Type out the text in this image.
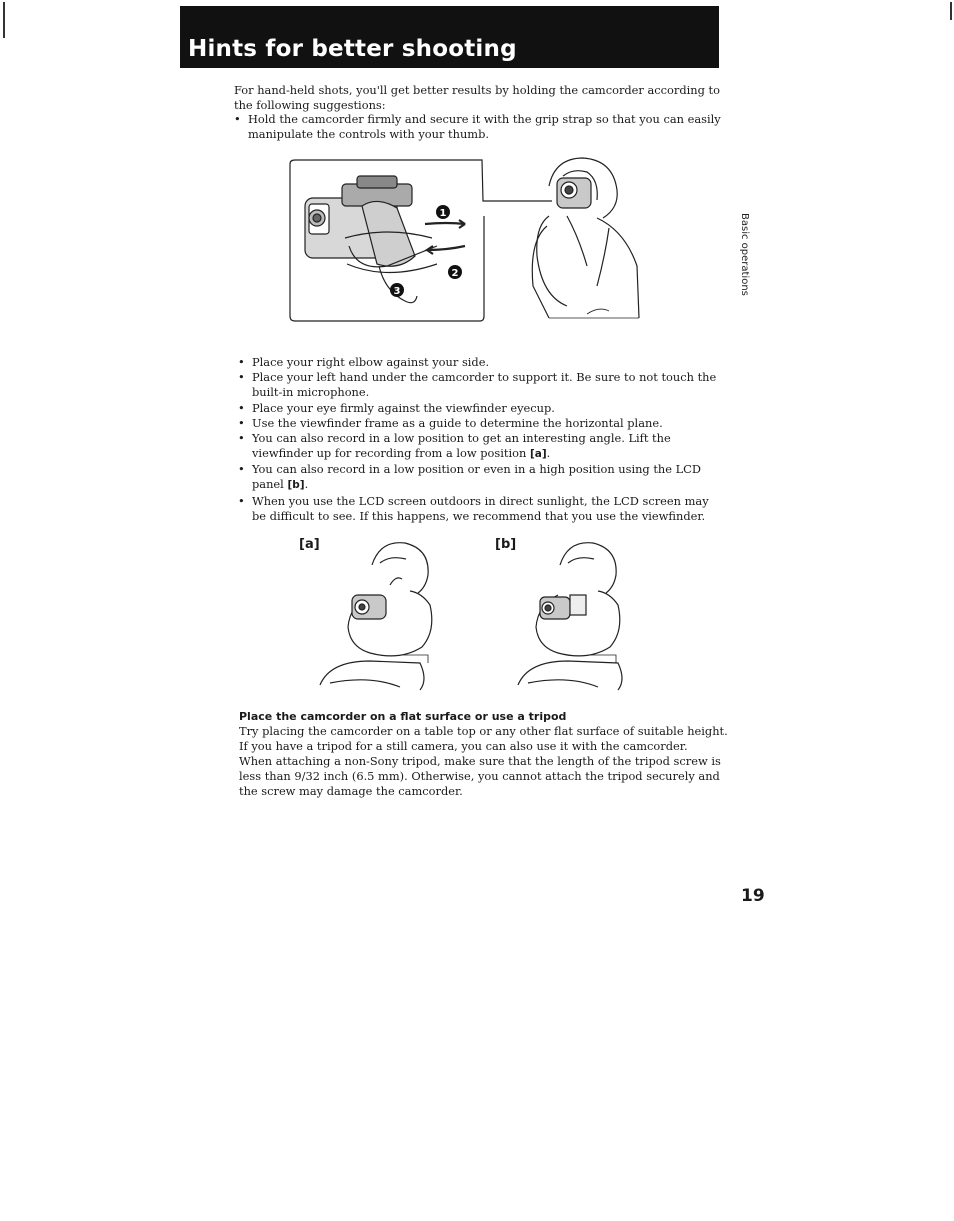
Hints for better shooting

For hand-held shots, you'll get better results by holding the camcorder according to the following suggestions:

• Hold the camcorder firmly and secure it with the grip strap so that you can easily manipulate the controls with your thumb.
1
2
3
• Place your right elbow against your side.
• Place your left hand under the camcorder to support it. Be sure to not touch the built-in microphone.
• Place your eye firmly against the viewfinder eyecup.
• Use the viewfinder frame as a guide to determine the horizontal plane.
• You can also record in a low position to get an interesting angle. Lift the viewfinder up for recording from a low position [a].
• You can also record in a low position or even in a high position using the LCD panel [b].
• When you use the LCD screen outdoors in direct sunlight, the LCD screen may be difficult to see. If this happens, we recommend that you use the viewfinder.
[a]	[b]
Place the camcorder on a flat surface or use a tripod

Try placing the camcorder on a table top or any other flat surface of suitable height. If you have a tripod for a still camera, you can also use it with the camcorder.

When attaching a non-Sony tripod, make sure that the length of the tripod screw is less than 9/32 inch (6.5 mm). Otherwise, you cannot attach the tripod securely and the screw may damage the camcorder.

Basic operations

19
